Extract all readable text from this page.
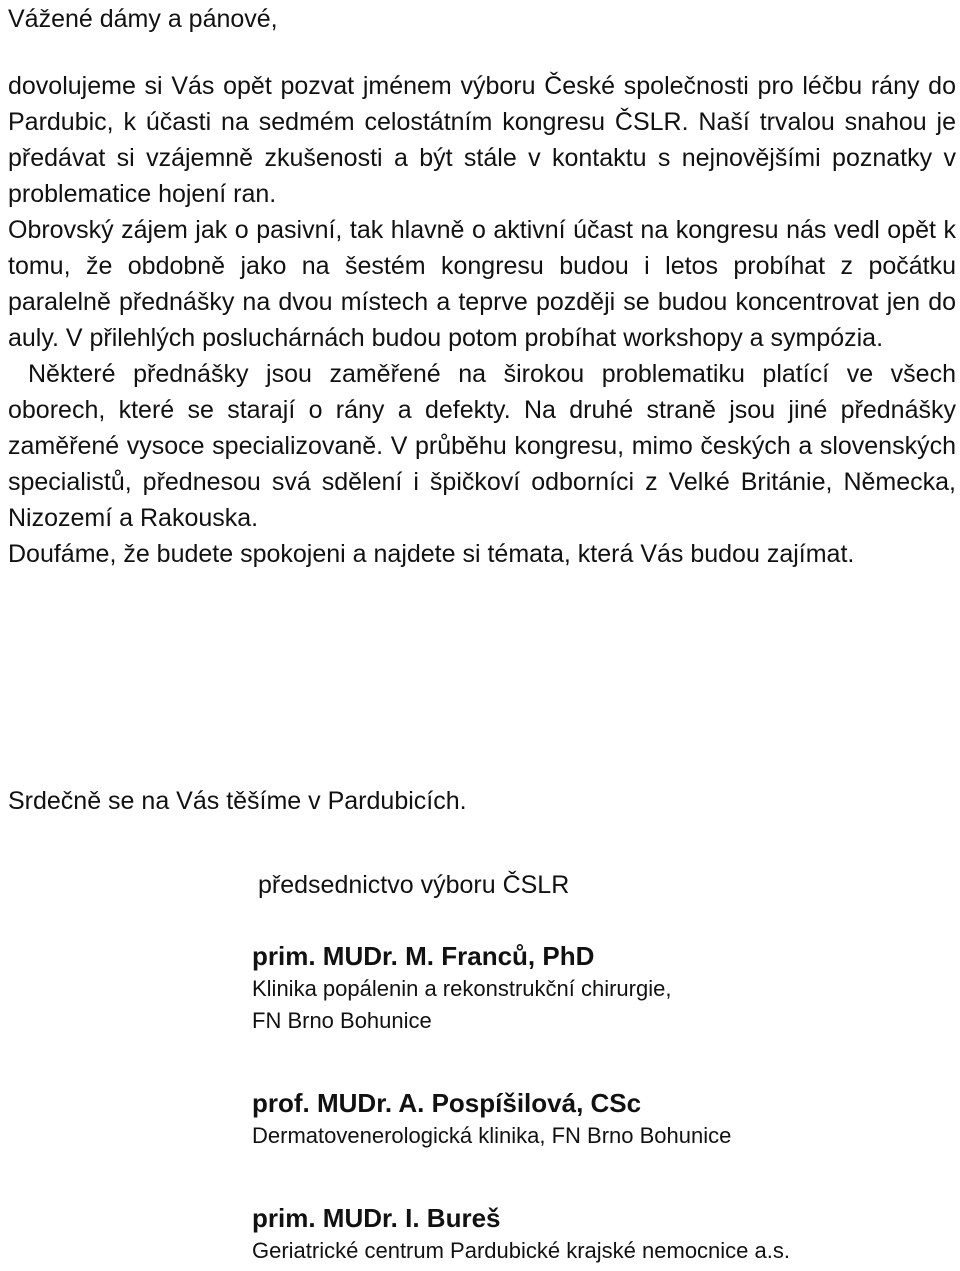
Vážené dámy a pánové,

dovolujeme si Vás opět pozvat jménem výboru České společnosti pro léčbu rány do Pardubic, k účasti na sedmém celostátním kongresu ČSLR. Naší trvalou snahou je předávat si vzájemně zkušenosti a být stále v kontaktu s nejnovějšími poznatky v problematice hojení ran.

Obrovský zájem jak o pasivní, tak hlavně o aktivní účast na kongresu nás vedl opět k tomu, že obdobně jako na šestém kongresu budou i letos probíhat z počátku paralelně přednášky na dvou místech a teprve později se budou koncentrovat jen do auly. V přilehlých posluchárnách budou potom probíhat workshopy a sympózia.

Některé přednášky jsou zaměřené na širokou problematiku platící ve všech oborech, které se starají o rány a defekty. Na druhé straně jsou jiné přednášky zaměřené vysoce specializovaně. V průběhu kongresu, mimo českých a slovenských specialistů, přednesou svá sdělení i špičkoví odborníci z Velké Británie, Německa, Nizozemí a Rakouska.

Doufáme, že budete spokojeni a najdete si témata, která Vás budou zajímat.

Srdečně se na Vás těšíme v Pardubicích.
předsednictvo výboru ČSLR
prim. MUDr. M. Franců, PhD
Klinika popálenin a rekonstrukční chirurgie,
FN Brno Bohunice
prof. MUDr. A. Pospíšilová, CSc
Dermatovenerologická klinika, FN Brno Bohunice
prim. MUDr. I. Bureš
Geriatrické centrum Pardubické krajské nemocnice a.s.
